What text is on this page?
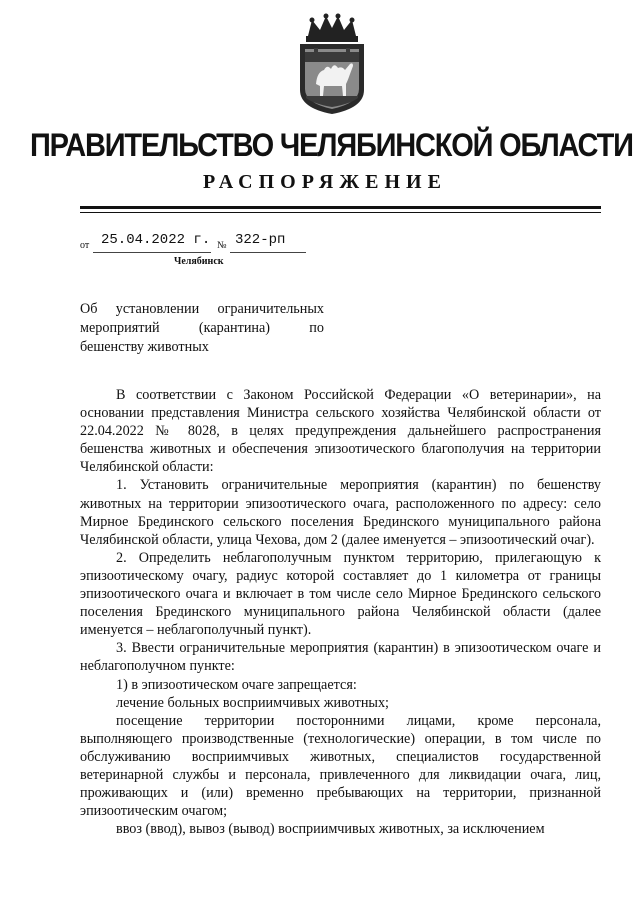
ПРАВИТЕЛЬСТВО ЧЕЛЯБИНСКОЙ ОБЛАСТИ
РАСПОРЯЖЕНИЕ
от 25.04.2022 г. № 322-рп
Челябинск
Об установлении ограничительных
мероприятий (карантина) по
бешенству животных

В соответствии с Законом Российской Федерации «О ветеринарии», на основании представления Министра сельского хозяйства Челябинской области от 22.04.2022 № 8028, в целях предупреждения дальнейшего распространения бешенства животных и обеспечения эпизоотического благополучия на территории Челябинской области:

1. Установить ограничительные мероприятия (карантин) по бешенству животных на территории эпизоотического очага, расположенного по адресу: село Мирное Брединского сельского поселения Брединского муниципального района Челябинской области, улица Чехова, дом 2 (далее именуется – эпизоотический очаг).

2. Определить неблагополучным пунктом территорию, прилегающую к эпизоотическому очагу, радиус которой составляет до 1 километра от границы эпизоотического очага и включает в том числе село Мирное Брединского сельского поселения Брединского муниципального района Челябинской области (далее именуется – неблагополучный пункт).

3. Ввести ограничительные мероприятия (карантин) в эпизоотическом очаге и неблагополучном пункте:

1) в эпизоотическом очаге запрещается:

лечение больных восприимчивых животных;

посещение территории посторонними лицами, кроме персонала, выполняющего производственные (технологические) операции, в том числе по обслуживанию восприимчивых животных, специалистов государственной ветеринарной службы и персонала, привлеченного для ликвидации очага, лиц, проживающих и (или) временно пребывающих на территории, признанной эпизоотическим очагом;

ввоз (ввод), вывоз (вывод) восприимчивых животных, за исключением
